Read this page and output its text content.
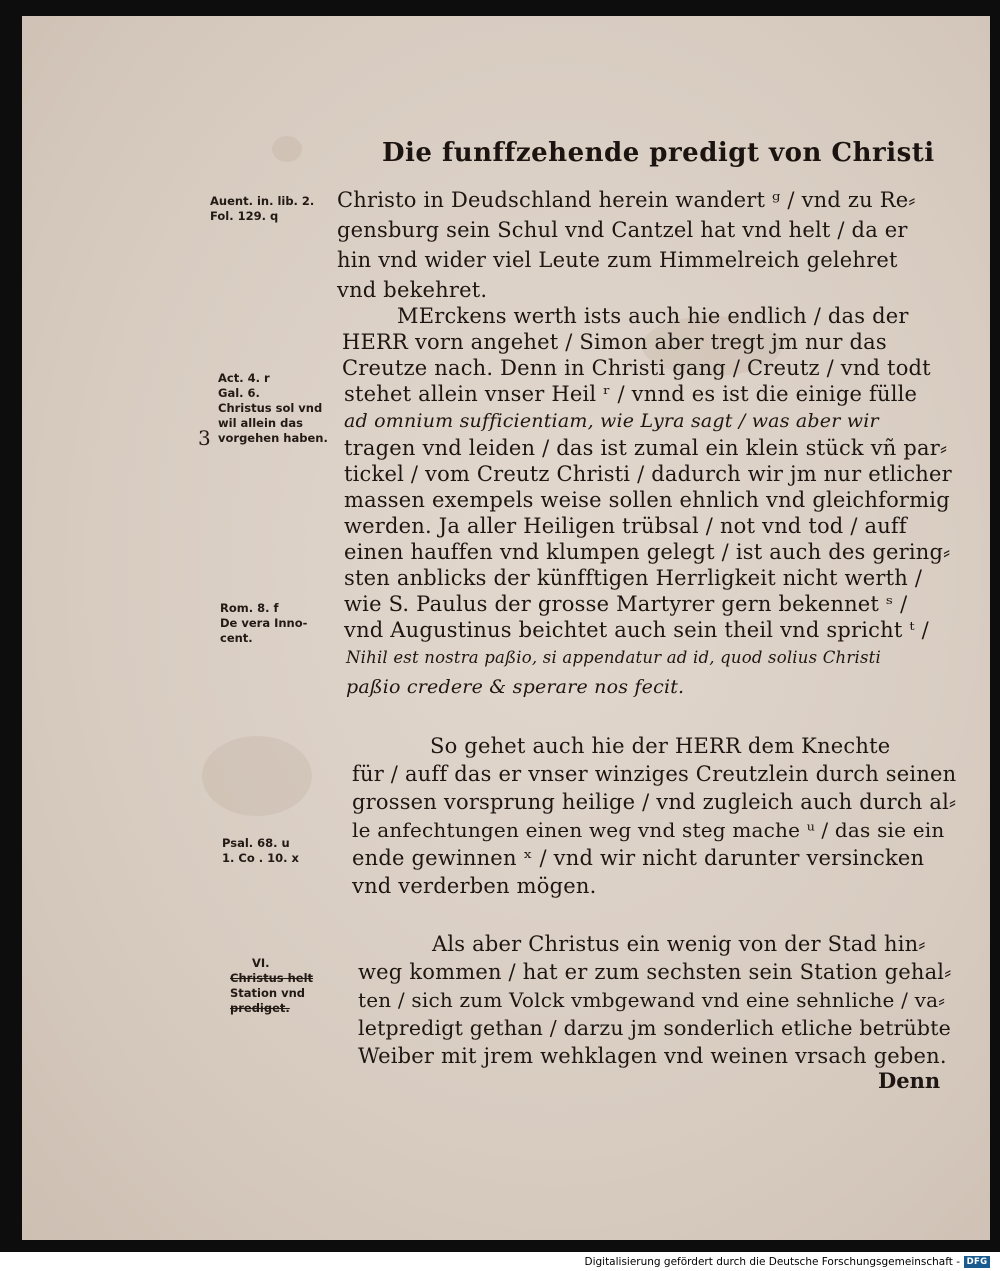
Die funffzehende predigt von Christi
Auent. in. lib. 2.
Fol. 129. q
Act. 4. r
Gal. 6.
Christus sol vnd
wil allein das
vorgehen haben.
3
Rom. 8. f
De vera Inno-
cent.
Psal. 68. u
1. Co . 10. x
VI.
Christus helt
Station vnd
prediget.
Christo in Deudschland herein wandert ᵍ / vnd zu Re⸗
gensburg sein Schul vnd Cantzel hat vnd helt / da er
hin vnd wider viel Leute zum Himmelreich gelehret
vnd bekehret.
MErckens werth ists auch hie endlich / das der
HERR vorn angehet / Simon aber tregt jm nur das
Creutze nach. Denn in Christi gang / Creutz / vnd todt
stehet allein vnser Heil ʳ / vnnd es ist die einige fülle
ad omnium sufficientiam, wie Lyra sagt / was aber wir
tragen vnd leiden / das ist zumal ein klein stück vñ par⸗
tickel / vom Creutz Christi / dadurch wir jm nur etlicher
massen exempels weise sollen ehnlich vnd gleichformig
werden. Ja aller Heiligen trübsal / not vnd tod / auff
einen hauffen vnd klumpen gelegt / ist auch des gering⸗
sten anblicks der künfftigen Herrligkeit nicht werth /
wie S. Paulus der grosse Martyrer gern bekennet ˢ /
vnd Augustinus beichtet auch sein theil vnd spricht ᵗ /
Nihil est nostra paßio, si appendatur ad id, quod solius Christi
paßio credere & sperare nos fecit.
So gehet auch hie der HERR dem Knechte
für / auff das er vnser winziges Creutzlein durch seinen
grossen vorsprung heilige / vnd zugleich auch durch al⸗
le anfechtungen einen weg vnd steg mache ᵘ / das sie ein
ende gewinnen ˣ / vnd wir nicht darunter versincken
vnd verderben mögen.
Als aber Christus ein wenig von der Stad hin⸗
weg kommen / hat er zum sechsten sein Station gehal⸗
ten / sich zum Volck vmbgewand vnd eine sehnliche / va⸗
letpredigt gethan / darzu jm sonderlich etliche betrübte
Weiber mit jrem wehklagen vnd weinen vrsach geben.
Denn
Digitalisierung gefördert durch die Deutsche Forschungsgemeinschaft - DFG
